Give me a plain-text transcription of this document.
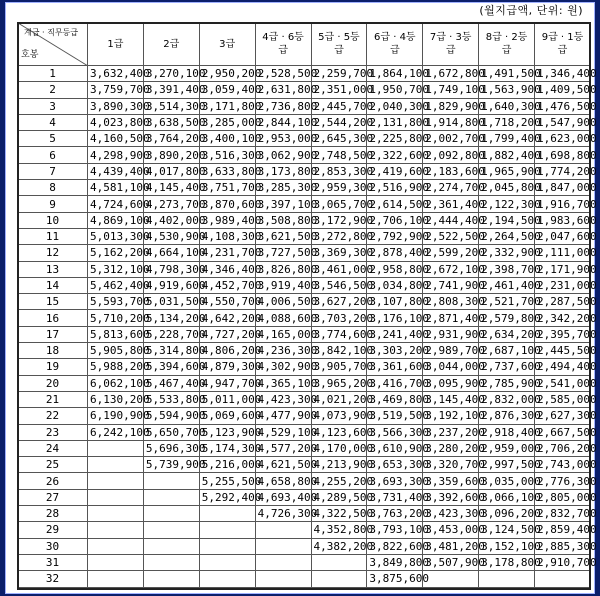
(월지급액, 단위: 원)
계급 · 직무등급
호봉	1급	2급	3급	4급 · 6등급	5급 · 5등급	6급 · 4등급	7급 · 3등급	8급 · 2등급	9급 · 1등급
1	3,632,400	3,270,100	2,950,200	2,528,500	2,259,700	1,864,100	1,672,800	1,491,500	1,346,400
2	3,759,700	3,391,400	3,059,400	2,631,800	2,351,000	1,950,700	1,749,100	1,563,900	1,409,500
3	3,890,300	3,514,300	3,171,800	2,736,800	2,445,700	2,040,300	1,829,900	1,640,300	1,476,500
4	4,023,800	3,638,500	3,285,000	2,844,100	2,544,200	2,131,800	1,914,800	1,718,200	1,547,900
5	4,160,500	3,764,200	3,400,100	2,953,000	2,645,300	2,225,800	2,002,700	1,799,400	1,623,000
6	4,298,900	3,890,200	3,516,300	3,062,900	2,748,500	2,322,600	2,092,800	1,882,400	1,698,800
7	4,439,400	4,017,800	3,633,800	3,173,800	2,853,300	2,419,600	2,183,600	1,965,900	1,774,200
8	4,581,100	4,145,400	3,751,700	3,285,300	2,959,300	2,516,900	2,274,700	2,045,800	1,847,000
9	4,724,600	4,273,700	3,870,600	3,397,100	3,065,700	2,614,500	2,361,400	2,122,300	1,916,700
10	4,869,100	4,402,000	3,989,400	3,508,800	3,172,900	2,706,100	2,444,400	2,194,500	1,983,600
11	5,013,300	4,530,900	4,108,300	3,621,500	3,272,800	2,792,900	2,522,500	2,264,500	2,047,600
12	5,162,200	4,664,100	4,231,700	3,727,500	3,369,300	2,878,400	2,599,200	2,332,900	2,111,000
13	5,312,100	4,798,300	4,346,400	3,826,800	3,461,000	2,958,800	2,672,100	2,398,700	2,171,900
14	5,462,400	4,919,600	4,452,700	3,919,400	3,546,500	3,034,800	2,741,900	2,461,400	2,231,000
15	5,593,700	5,031,500	4,550,700	4,006,500	3,627,200	3,107,800	2,808,300	2,521,700	2,287,500
16	5,710,200	5,134,200	4,642,200	4,088,600	3,703,200	3,176,100	2,871,400	2,579,800	2,342,200
17	5,813,600	5,228,700	4,727,200	4,165,000	3,774,600	3,241,400	2,931,900	2,634,200	2,395,700
18	5,905,800	5,314,800	4,806,200	4,236,300	3,842,100	3,303,200	2,989,700	2,687,100	2,445,500
19	5,988,200	5,394,600	4,879,300	4,302,900	3,905,700	3,361,600	3,044,000	2,737,600	2,494,400
20	6,062,100	5,467,400	4,947,700	4,365,100	3,965,200	3,416,700	3,095,900	2,785,900	2,541,000
21	6,130,200	5,533,800	5,011,000	4,423,300	4,021,200	3,469,800	3,145,400	2,832,000	2,585,000
22	6,190,900	5,594,900	5,069,600	4,477,900	4,073,900	3,519,500	3,192,100	2,876,300	2,627,300
23	6,242,100	5,650,700	5,123,900	4,529,100	4,123,600	3,566,300	3,237,200	2,918,400	2,667,500
24		5,696,300	5,174,300	4,577,200	4,170,000	3,610,900	3,280,200	2,959,000	2,706,200
25		5,739,900	5,216,000	4,621,500	4,213,900	3,653,300	3,320,700	2,997,500	2,743,000
26			5,255,500	4,658,800	4,255,200	3,693,300	3,359,600	3,035,000	2,776,300
27			5,292,400	4,693,400	4,289,500	3,731,400	3,392,600	3,066,100	2,805,000
28				4,726,300	4,322,500	3,763,200	3,423,300	3,096,200	2,832,700
29					4,352,800	3,793,100	3,453,000	3,124,500	2,859,400
30					4,382,200	3,822,600	3,481,200	3,152,100	2,885,300
31						3,849,800	3,507,900	3,178,800	2,910,700
32						3,875,600			
